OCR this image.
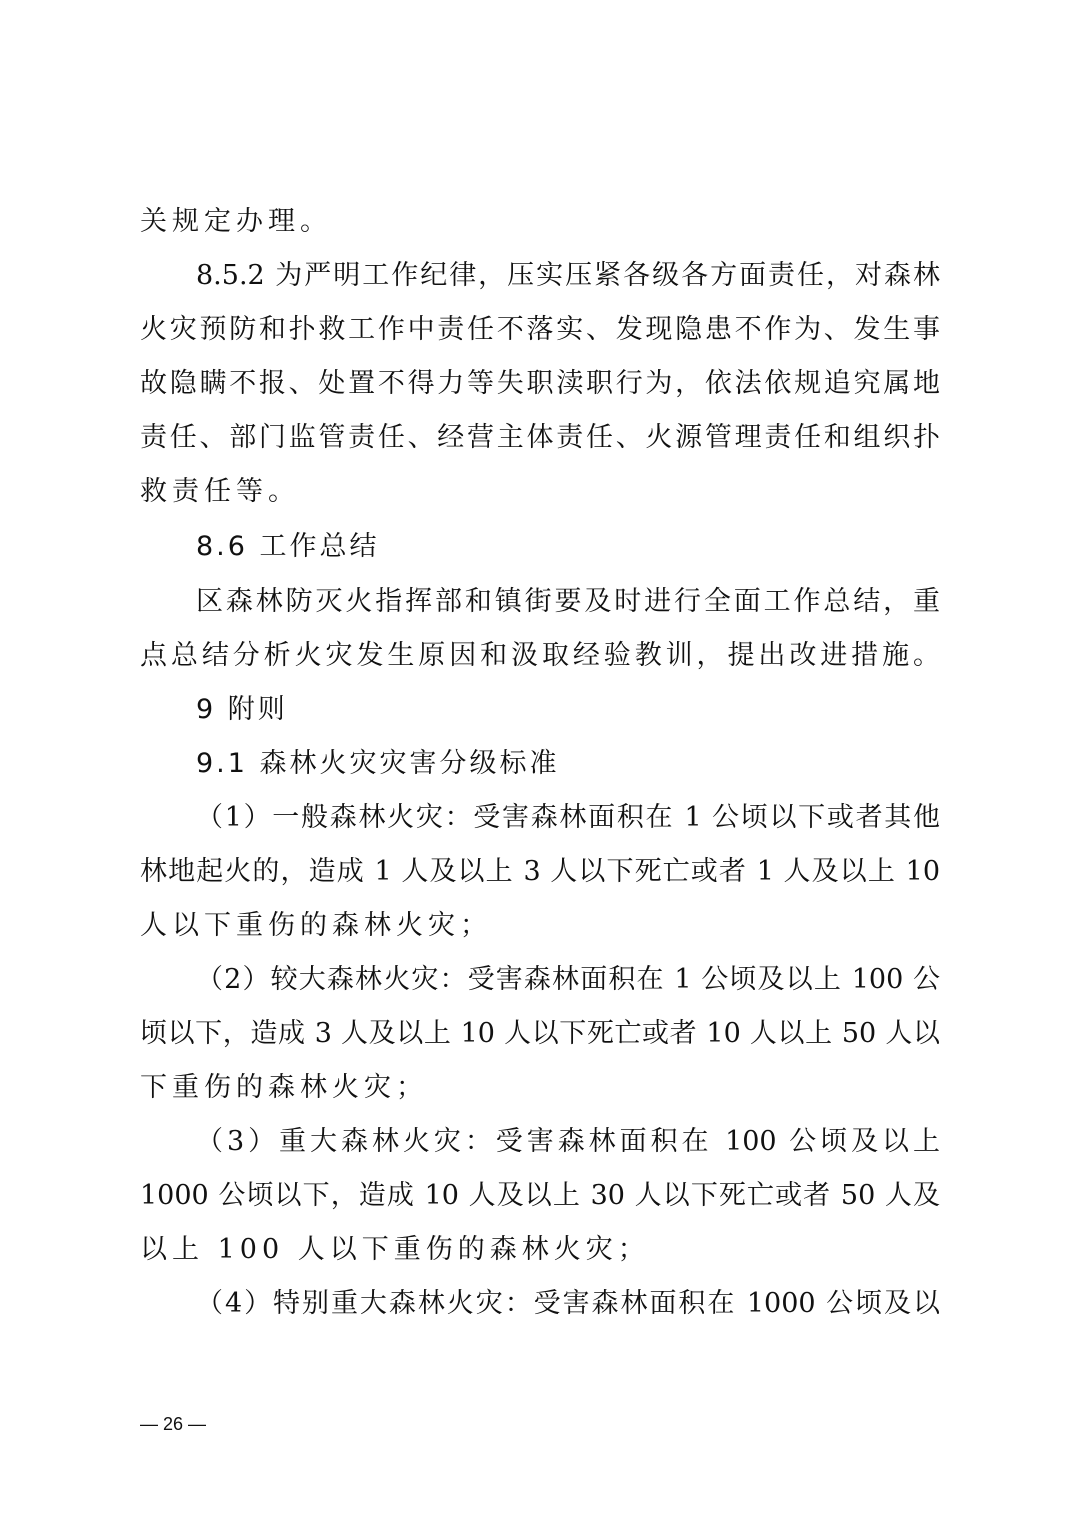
关规定办理。
8.5.2 为严明工作纪律，压实压紧各级各方面责任，对森林
火灾预防和扑救工作中责任不落实、发现隐患不作为、发生事
故隐瞒不报、处置不得力等失职渎职行为，依法依规追究属地
责任、部门监管责任、经营主体责任、火源管理责任和组织扑
救责任等。
8.6 工作总结
区森林防灭火指挥部和镇街要及时进行全面工作总结，重
点总结分析火灾发生原因和汲取经验教训，提出改进措施。
9 附则
9.1 森林火灾灾害分级标准
（1）一般森林火灾：受害森林面积在 1 公顷以下或者其他
林地起火的，造成 1 人及以上 3 人以下死亡或者 1 人及以上 10
人以下重伤的森林火灾；
（2）较大森林火灾：受害森林面积在 1 公顷及以上 100 公
顷以下，造成 3 人及以上 10 人以下死亡或者 10 人以上 50 人以
下重伤的森林火灾；
（3）重大森林火灾：受害森林面积在 100 公顷及以上
1000 公顷以下，造成 10 人及以上 30 人以下死亡或者 50 人及
以上 100 人以下重伤的森林火灾；
（4）特别重大森林火灾：受害森林面积在 1000 公顷及以
— 26 —
